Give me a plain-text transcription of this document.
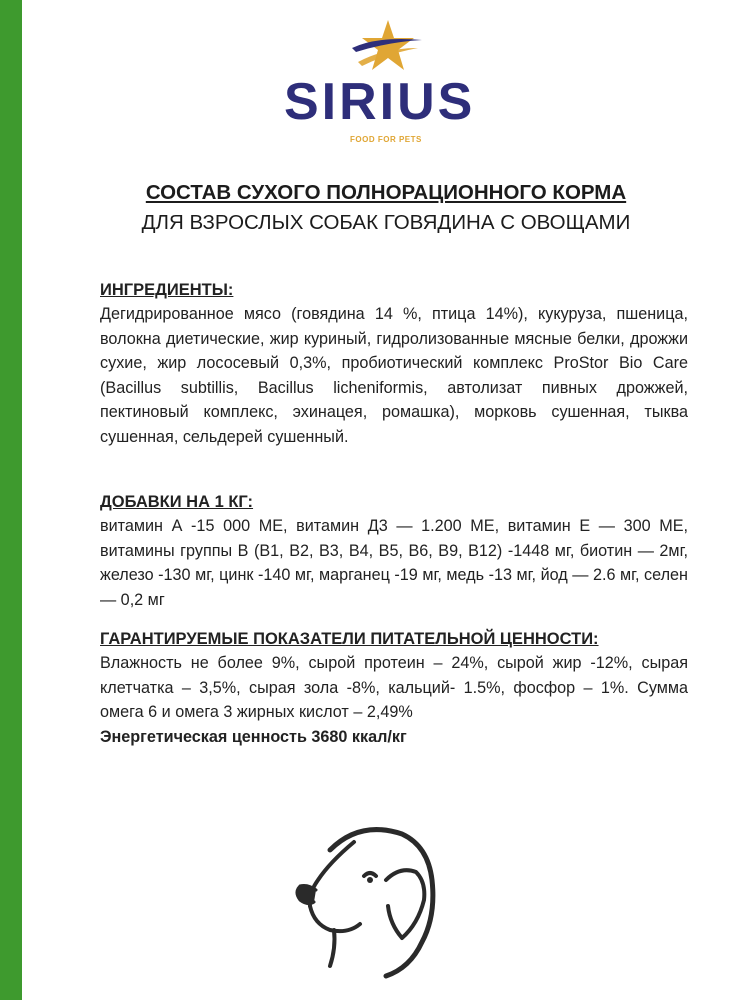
SIRIUS
FOOD FOR PETS
СОСТАВ СУХОГО ПОЛНОРАЦИОННОГО КОРМА
ДЛЯ ВЗРОСЛЫХ СОБАК ГОВЯДИНА С ОВОЩАМИ
ИНГРЕДИЕНТЫ:
Дегидрированное мясо (говядина 14 %, птица 14%), кукуруза, пшеница, волокна диетические, жир куриный, гидролизованные мясные белки, дрожжи сухие, жир лососевый 0,3%, пробиотический комплекс ProStor Bio Care (Bacillus subtillis, Bacillus licheniformis, автолизат пивных дрожжей, пектиновый комплекс, эхинацея, ромашка), морковь сушенная, тыква сушенная, сельдерей сушенный.
ДОБАВКИ НА 1 КГ:
витамин А -15 000 МЕ, витамин Д3 — 1.200 МЕ, витамин Е — 300 МЕ, витамины группы В (В1, В2, В3, В4, В5, В6, В9, В12) -1448 мг, биотин — 2мг, железо -130 мг, цинк -140 мг, марганец -19 мг, медь -13 мг, йод — 2.6 мг, селен — 0,2 мг
ГАРАНТИРУЕМЫЕ ПОКАЗАТЕЛИ ПИТАТЕЛЬНОЙ ЦЕННОСТИ:
Влажность не более 9%, сырой протеин – 24%, сырой жир -12%, сырая клетчатка – 3,5%, сырая зола -8%, кальций- 1.5%, фосфор – 1%. Сумма омега 6 и омега 3 жирных кислот – 2,49%
Энергетическая ценность 3680 ккал/кг
